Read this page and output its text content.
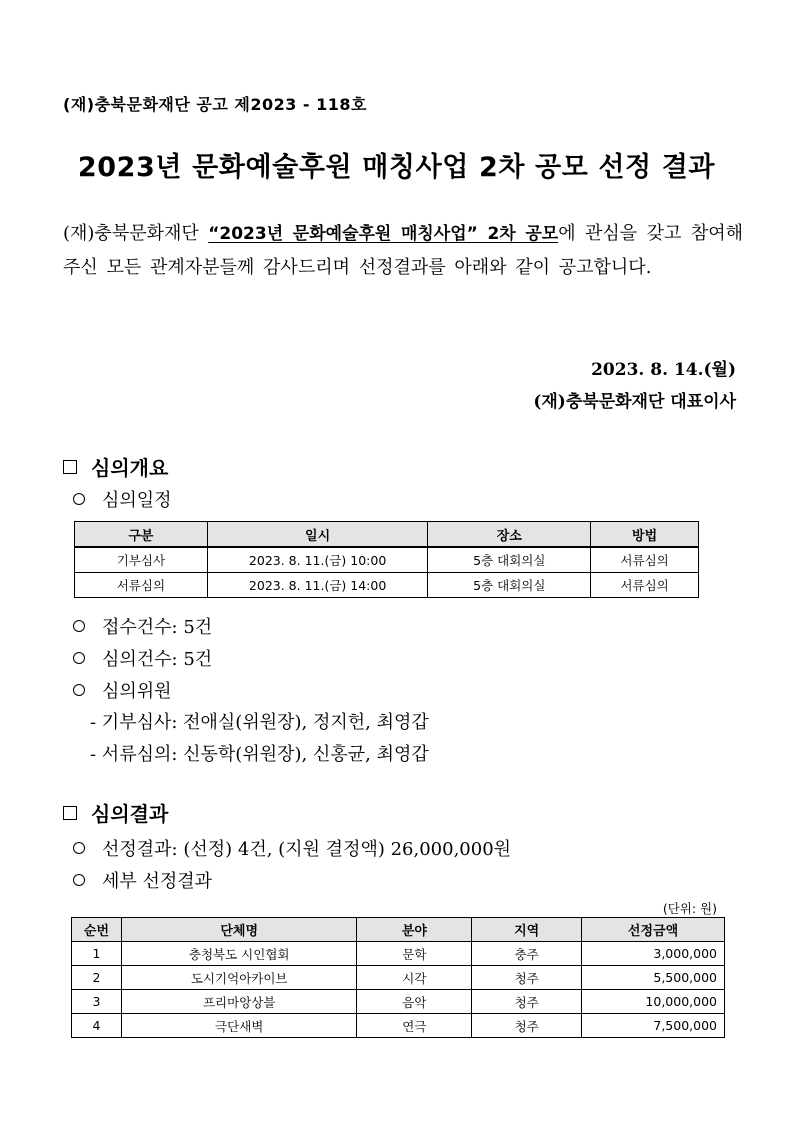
(재)충북문화재단 공고 제2023 - 118호
2023년 문화예술후원 매칭사업 2차 공모 선정 결과
(재)충북문화재단 “2023년 문화예술후원 매칭사업” 2차 공모에 관심을 갖고 참여해주신 모든 관계자분들께 감사드리며 선정결과를 아래와 같이 공고합니다.
2023. 8. 14.(월)
(재)충북문화재단 대표이사
심의개요
심의일정
구분	일시	장소	방법
기부심사	2023. 8. 11.(금) 10:00	5층 대회의실	서류심의
서류심의	2023. 8. 11.(금) 14:00	5층 대회의실	서류심의
접수건수: 5건
심의건수: 5건
심의위원
- 기부심사: 전애실(위원장), 정지헌, 최영갑
- 서류심의: 신동학(위원장), 신홍균, 최영갑
심의결과
선정결과: (선정) 4건, (지원 결정액) 26,000,000원
세부 선정결과
(단위: 원)
순번	단체명	분야	지역	선정금액
1	충청북도 시인협회	문학	충주	3,000,000
2	도시기억아카이브	시각	청주	5,500,000
3	프리마앙상블	음악	청주	10,000,000
4	극단새벽	연극	청주	7,500,000
